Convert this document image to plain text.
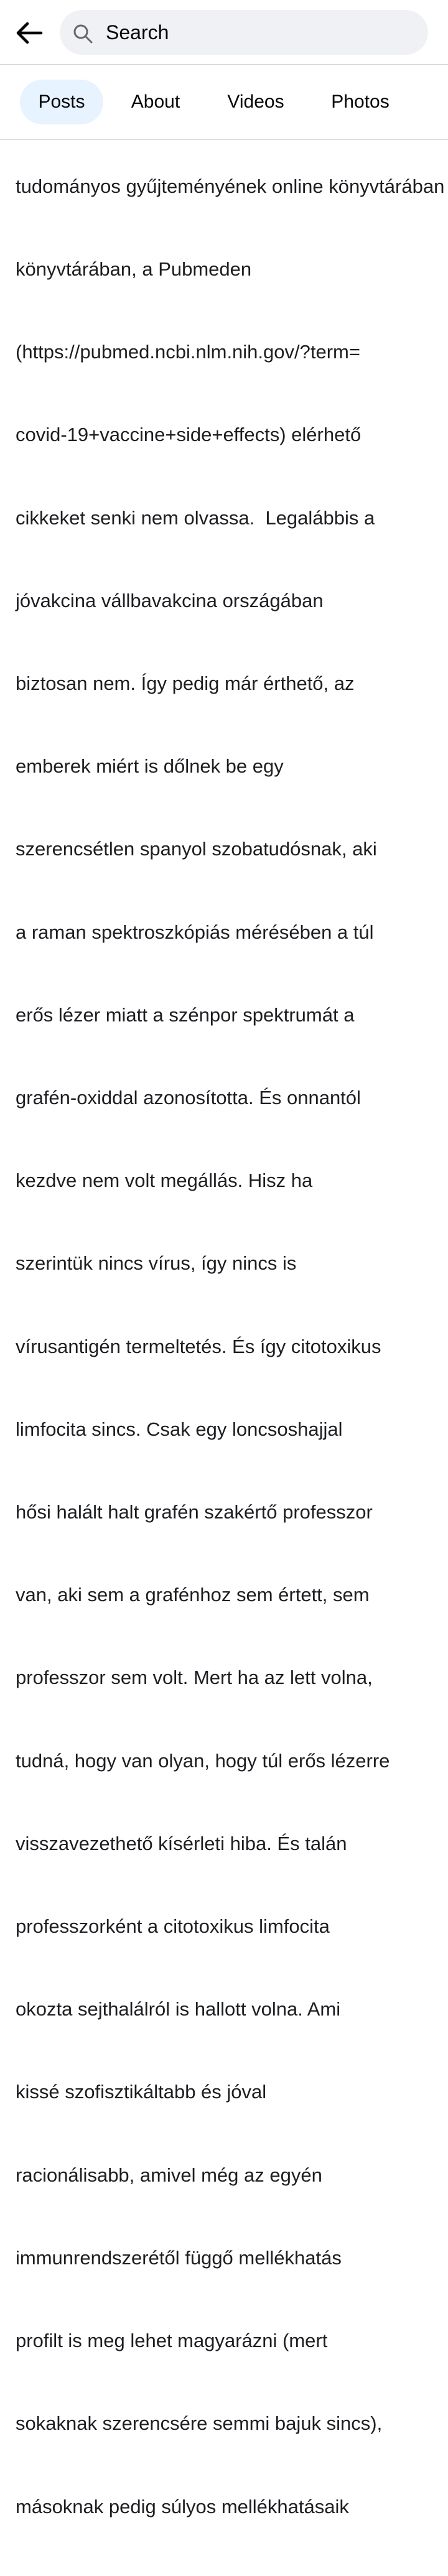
Search
Posts	About	Videos	Photos

tudományos gyűjteményének online könyvtárában

könyvtárában, a Pubmeden

(https://pubmed.ncbi.nlm.nih.gov/?term=

covid-19+vaccine+side+effects) elérhető

cikkeket senki nem olvassa.  Legalábbis a

jóvakcina vállbavakcina országában

biztosan nem. Így pedig már érthető, az

emberek miért is dőlnek be egy

szerencsétlen spanyol szobatudósnak, aki

a raman spektroszkópiás mérésében a túl

erős lézer miatt a szénpor spektrumát a

grafén-oxiddal azonosította. És onnantól

kezdve nem volt megállás. Hisz ha

szerintük nincs vírus, így nincs is

vírusantigén termeltetés. És így citotoxikus

limfocita sincs. Csak egy loncsoshajjal

hősi halált halt grafén szakértő professzor

van, aki sem a grafénhoz sem értett, sem

professzor sem volt. Mert ha az lett volna,

tudná, hogy van olyan, hogy túl erős lézerre

visszavezethető kísérleti hiba. És talán

professzorként a citotoxikus limfocita

okozta sejthalálról is hallott volna. Ami

kissé szofisztikáltabb és jóval

racionálisabb, amivel még az egyén

immunrendszerétől függő mellékhatás

profilt is meg lehet magyarázni (mert

sokaknak szerencsére semmi bajuk sincs),

másoknak pedig súlyos mellékhatásaik
